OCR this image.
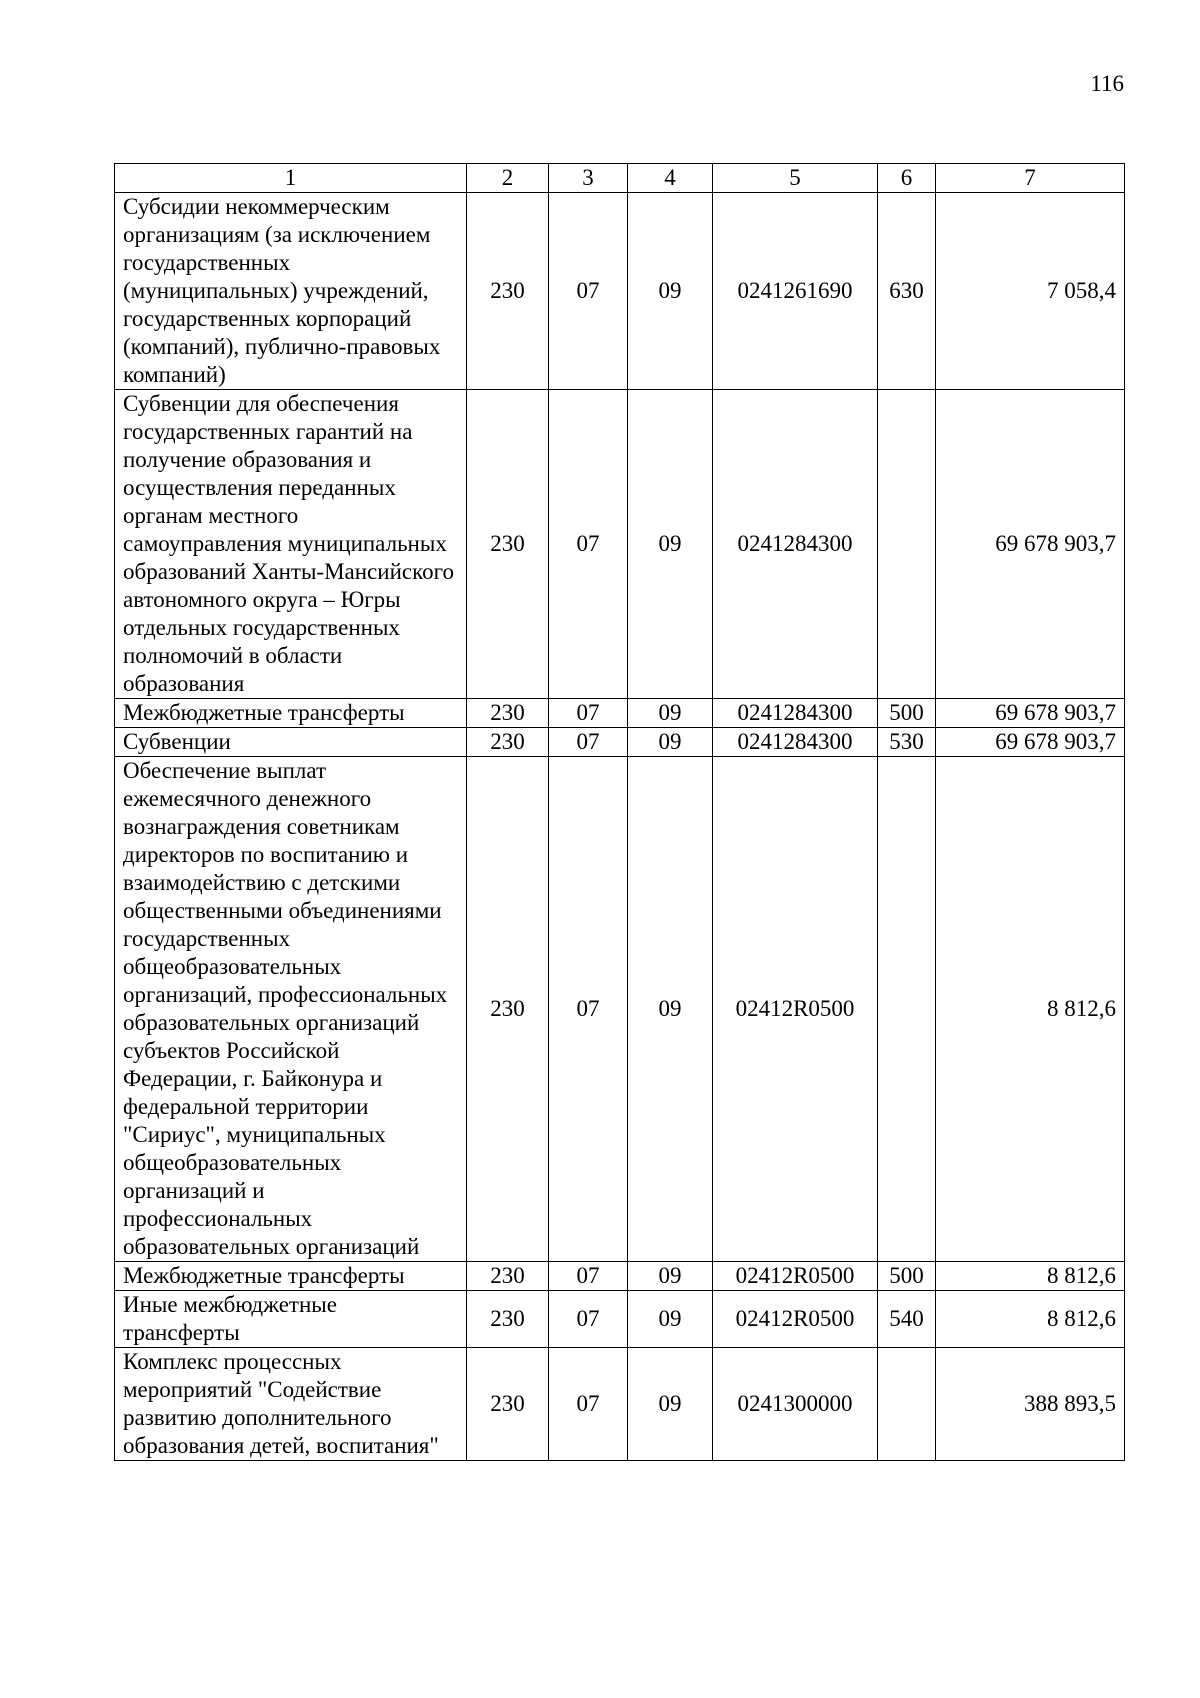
116
1	2	3	4	5	6	7
Субсидии некоммерческим организациям (за исключением государственных (муниципальных) учреждений, государственных корпораций (компаний), публично-правовых компаний)	230	07	09	0241261690	630	7 058,4
Субвенции для обеспечения государственных гарантий на получение образования и осуществления переданных органам местного самоуправления муниципальных образований Ханты-Мансийского автономного округа – Югры отдельных государственных полномочий в области образования	230	07	09	0241284300		69 678 903,7
Межбюджетные трансферты	230	07	09	0241284300	500	69 678 903,7
Субвенции	230	07	09	0241284300	530	69 678 903,7
Обеспечение выплат ежемесячного денежного вознаграждения советникам директоров по воспитанию и взаимодействию с детскими общественными объединениями государственных общеобразовательных организаций, профессиональных образовательных организаций субъектов Российской Федерации, г. Байконура и федеральной территории "Сириус", муниципальных общеобразовательных организаций и профессиональных образовательных организаций	230	07	09	02412R0500		8 812,6
Межбюджетные трансферты	230	07	09	02412R0500	500	8 812,6
Иные межбюджетные трансферты	230	07	09	02412R0500	540	8 812,6
Комплекс процессных мероприятий "Содействие развитию дополнительного образования детей, воспитания"	230	07	09	0241300000		388 893,5
